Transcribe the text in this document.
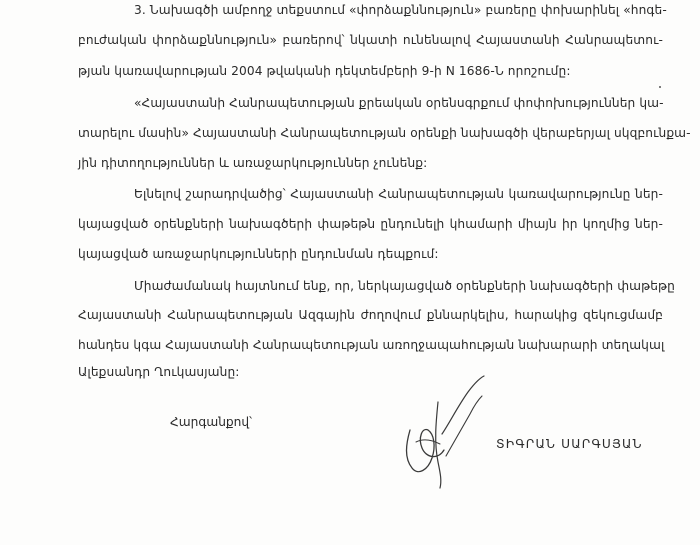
3. Նախագծի ամբողջ տեքստում «փորձաքննություն» բառերը փոխարինել «հոգե-
բուժական փորձաքննություն» բառերով՝ նկատի ունենալով Հայաստանի Հանրապետու-
թյան կառավարության 2004 թվականի դեկտեմբերի 9-ի N 1686-Ն որոշումը:
«Հայաստանի Հանրապետության քրեական օրենսգրքում փոփոխություններ կա-
տարելու մասին» Հայաստանի Հանրապետության օրենքի նախագծի վերաբերյալ սկզբունքա-
յին դիտողություններ և առաջարկություններ չունենք:
Ելնելով շարադրվածից՝ Հայաստանի Հանրապետության կառավարությունը ներ-
կայացված օրենքների նախագծերի փաթեթն ընդունելի կհամարի միայն իր կողմից ներ-
կայացված առաջարկությունների ընդունման դեպքում:
Միաժամանակ հայտնում ենք, որ, ներկայացված օրենքների նախագծերի փաթեթը
Հայաստանի Հանրապետության Ազգային ժողովում քննարկելիս, հարակից զեկուցմամբ
հանդես կգա Հայաստանի Հանրապետության առողջապահության նախարարի տեղակալ
Ալեքսանդր Ղուկասյանը:
Հարգանքով՝
ՏԻԳՐԱՆ ՍԱՐԳՍՅԱՆ
